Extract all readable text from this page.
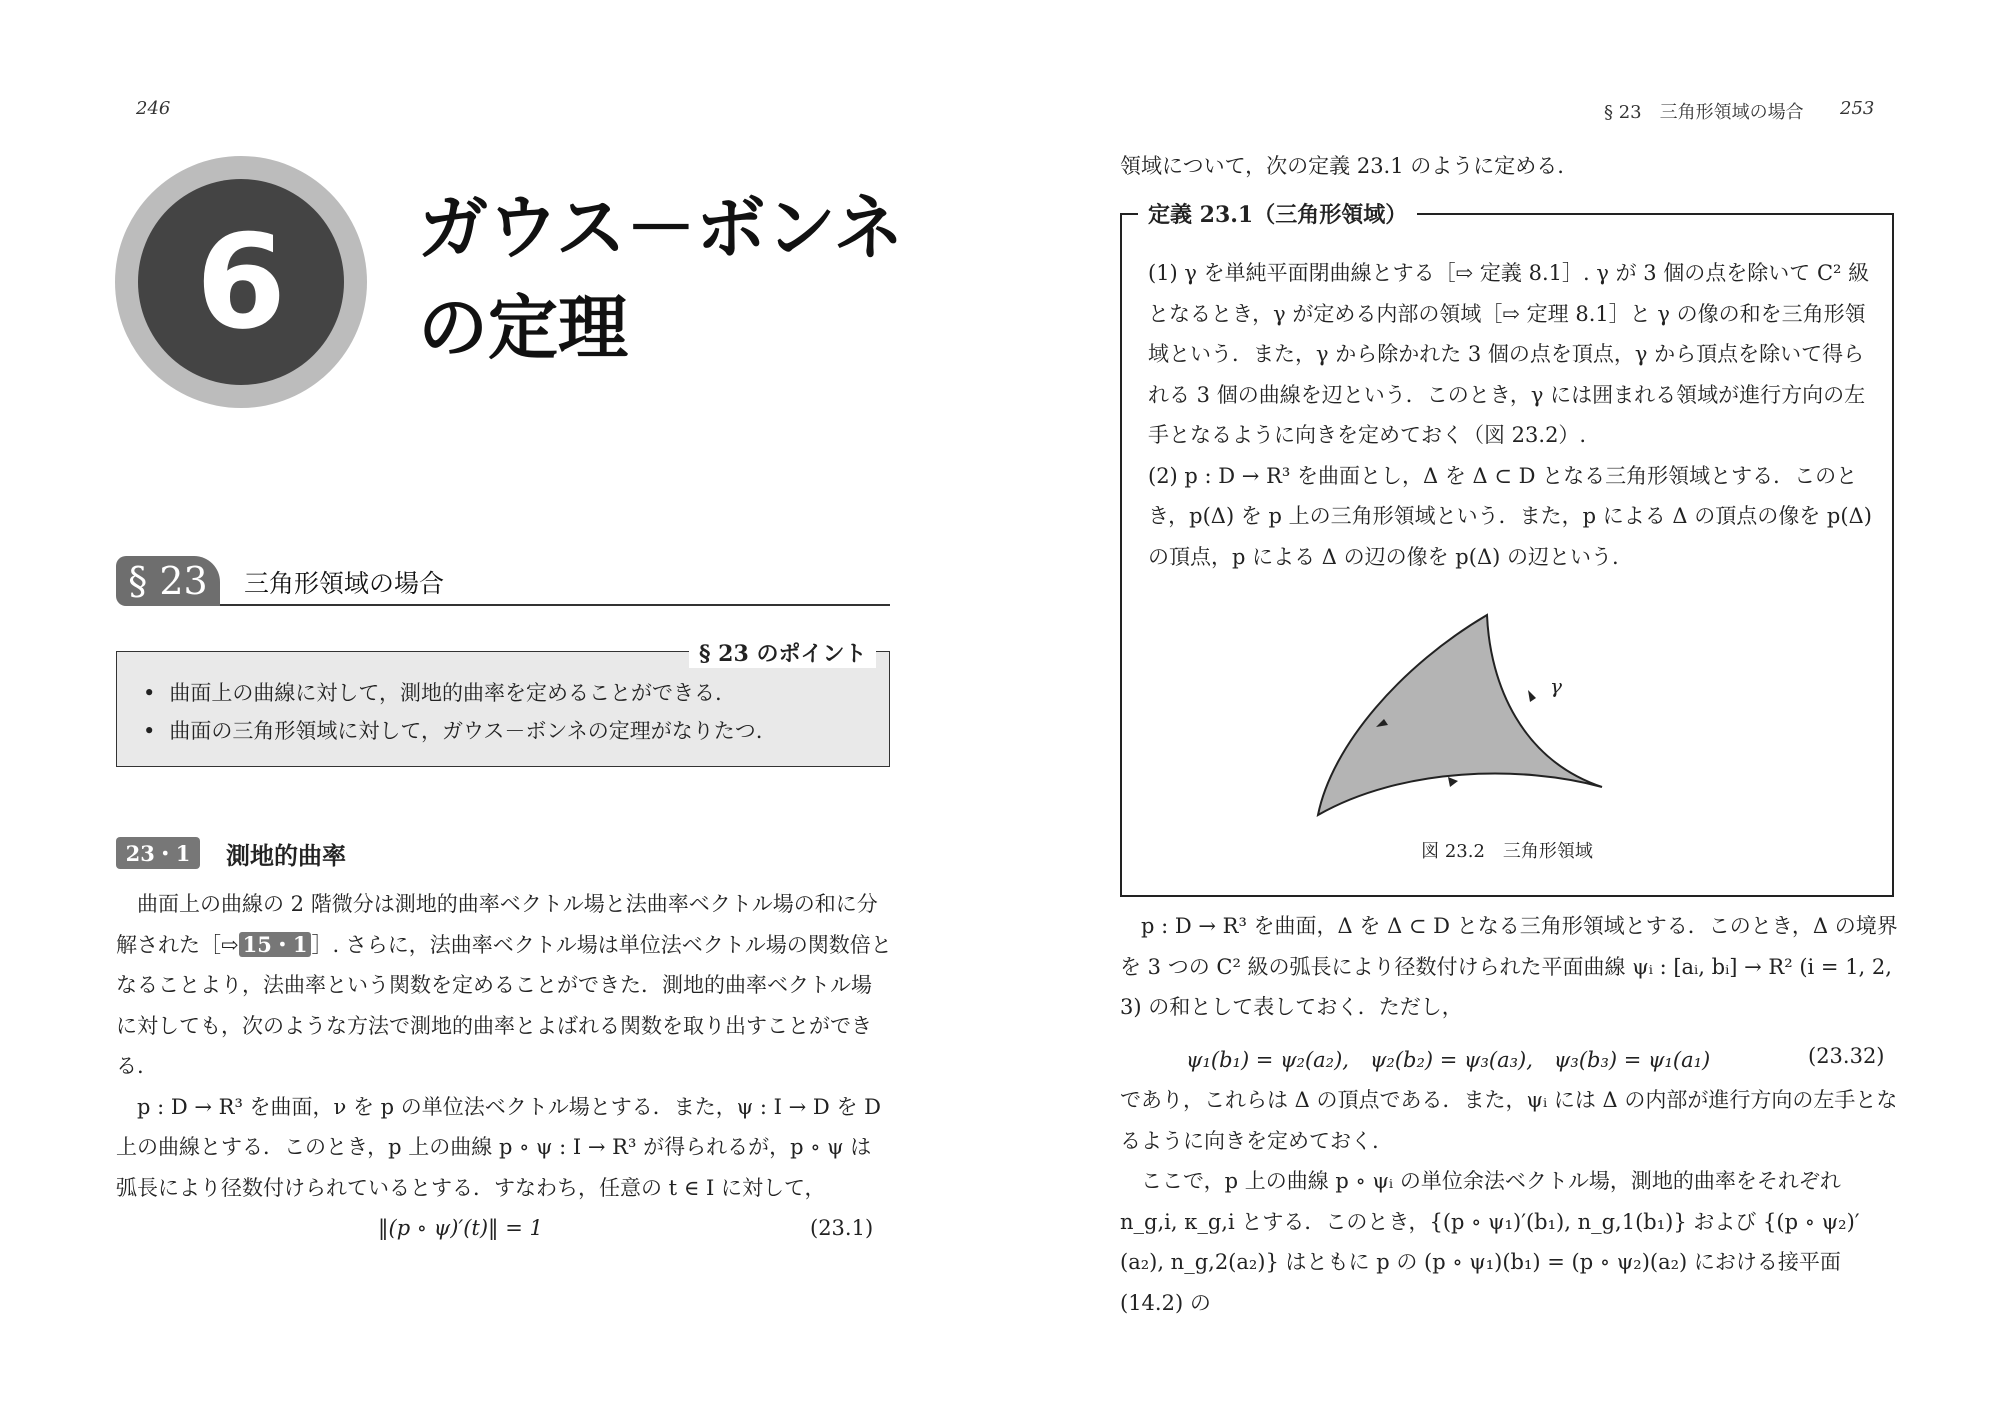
246
6	ガウス－ボンネ
の定理
§ 23	三角形領域の場合
§ 23 のポイント
• 曲面上の曲線に対して，測地的曲率を定めることができる.
• 曲面の三角形領域に対して，ガウス－ボンネの定理がなりたつ.
23・1	測地的曲率

曲面上の曲線の 2 階微分は測地的曲率ベクトル場と法曲率ベクトル場の和に分解された［⇨ 15・1 ］. さらに，法曲率ベクトル場は単位法ベクトル場の関数倍となることより，法曲率という関数を定めることができた．測地的曲率ベクトル場に対しても，次のような方法で測地的曲率とよばれる関数を取り出すことができる.

p : D → R³ を曲面，ν を p の単位法ベクトル場とする．また，ψ : I → D を D 上の曲線とする．このとき，p 上の曲線 p ∘ ψ : I → R³ が得られるが，p ∘ ψ は弧長により径数付けられているとする．すなわち，任意の t ∈ I に対して，

‖(p ∘ ψ)′(t)‖ = 1	(23.1)
§ 23　三角形領域の場合 253
領域について，次の定義 23.1 のように定める.
定義 23.1（三角形領域）

(1) γ を単純平面閉曲線とする［⇨ 定義 8.1］. γ が 3 個の点を除いて C² 級となるとき，γ が定める内部の領域［⇨ 定理 8.1］と γ の像の和を三角形領域という．また，γ から除かれた 3 個の点を頂点，γ から頂点を除いて得られる 3 個の曲線を辺という．このとき，γ には囲まれる領域が進行方向の左手となるように向きを定めておく（図 23.2）.

(2) p : D → R³ を曲面とし，Δ を Δ ⊂ D となる三角形領域とする．このとき，p(Δ) を p 上の三角形領域という．また，p による Δ の頂点の像を p(Δ) の頂点，p による Δ の辺の像を p(Δ) の辺という.

γ
図 23.2　三角形領域

p : D → R³ を曲面，Δ を Δ ⊂ D となる三角形領域とする．このとき，Δ の境界を 3 つの C² 級の弧長により径数付けられた平面曲線 ψᵢ : [aᵢ, bᵢ] → R² (i = 1, 2, 3) の和として表しておく．ただし，

ψ₁(b₁) = ψ₂(a₂),　ψ₂(b₂) = ψ₃(a₃),　ψ₃(b₃) = ψ₁(a₁)	(23.32)

であり，これらは Δ の頂点である．また，ψᵢ には Δ の内部が進行方向の左手となるように向きを定めておく.

ここで，p 上の曲線 p ∘ ψᵢ の単位余法ベクトル場，測地的曲率をそれぞれ n_g,i, κ_g,i とする．このとき，{(p ∘ ψ₁)′(b₁), n_g,1(b₁)} および {(p ∘ ψ₂)′(a₂), n_g,2(a₂)} はともに p の (p ∘ ψ₁)(b₁) = (p ∘ ψ₂)(a₂) における接平面 (14.2) の
